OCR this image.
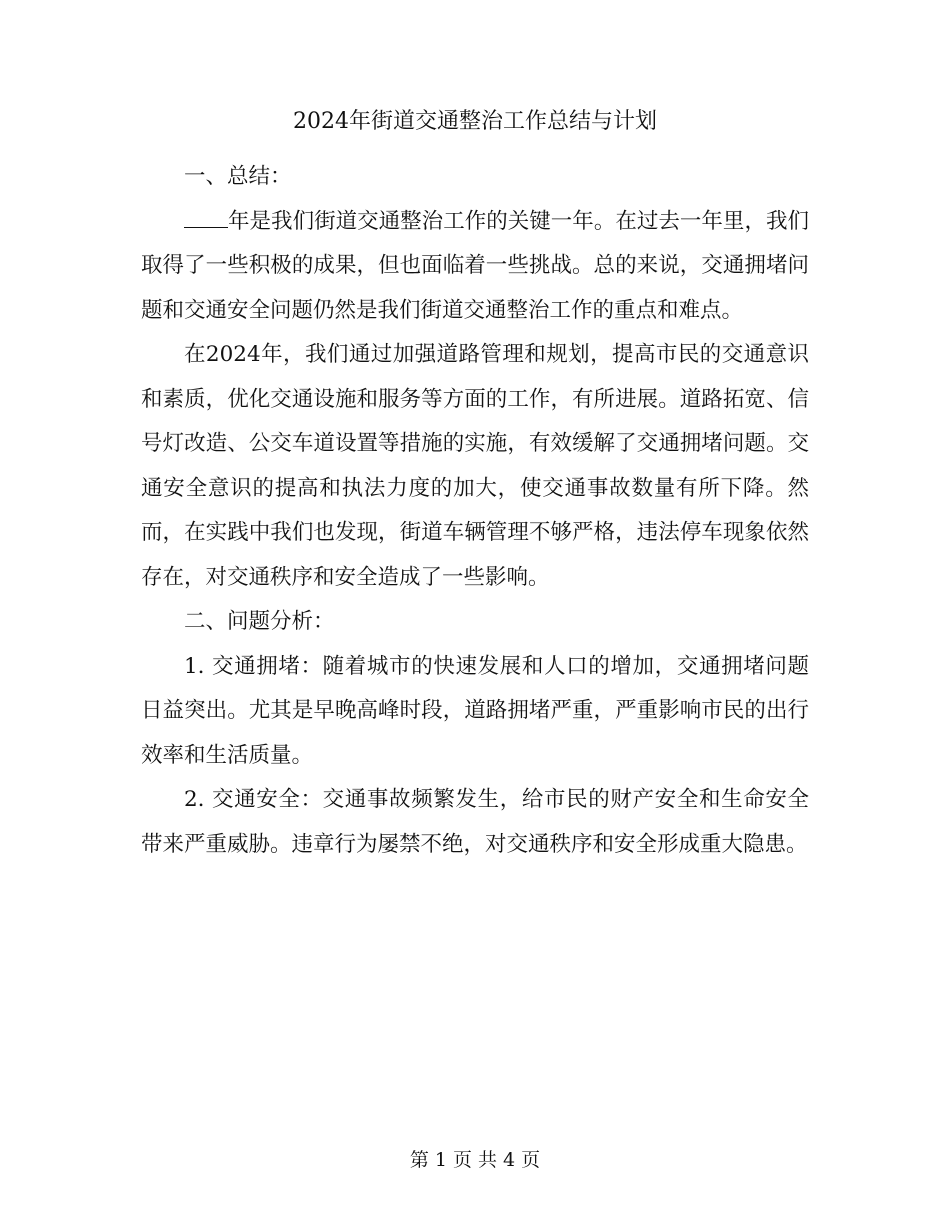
2024年街道交通整治工作总结与计划

一、总结：

年是我们街道交通整治工作的关键一年。在过去一年里，我们取得了一些积极的成果，但也面临着一些挑战。总的来说，交通拥堵问题和交通安全问题仍然是我们街道交通整治工作的重点和难点。

在2024年，我们通过加强道路管理和规划，提高市民的交通意识和素质，优化交通设施和服务等方面的工作，有所进展。道路拓宽、信号灯改造、公交车道设置等措施的实施，有效缓解了交通拥堵问题。交通安全意识的提高和执法力度的加大，使交通事故数量有所下降。然而，在实践中我们也发现，街道车辆管理不够严格，违法停车现象依然存在，对交通秩序和安全造成了一些影响。

二、问题分析：

1. 交通拥堵：随着城市的快速发展和人口的增加，交通拥堵问题日益突出。尤其是早晚高峰时段，道路拥堵严重，严重影响市民的出行效率和生活质量。

2. 交通安全：交通事故频繁发生，给市民的财产安全和生命安全带来严重威胁。违章行为屡禁不绝，对交通秩序和安全形成重大隐患。

第 1 页 共 4 页
